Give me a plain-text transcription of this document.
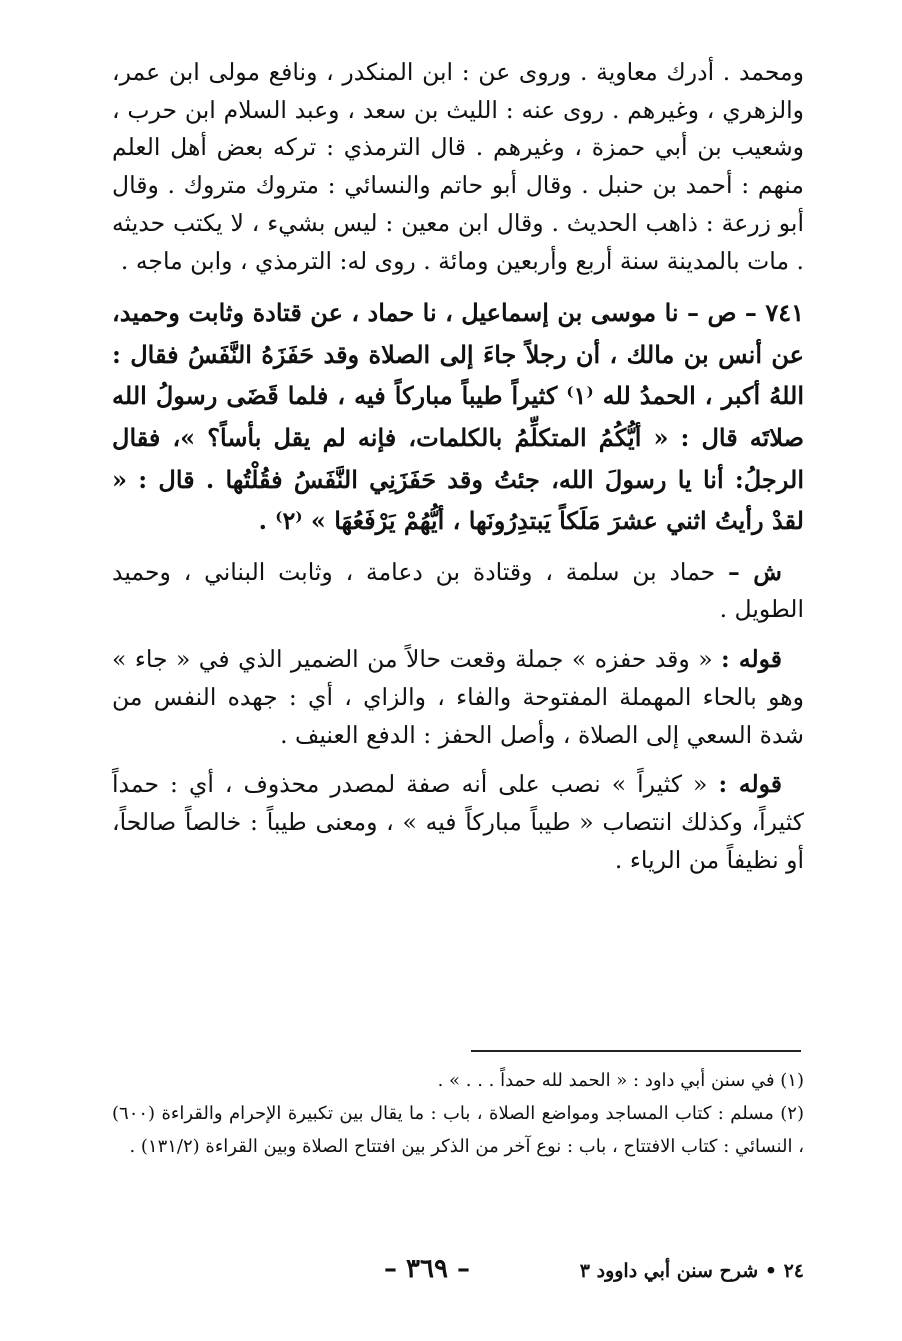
ومحمد . أدرك معاوية . وروى عن : ابن المنكدر ، ونافع مولى ابن عمر، والزهري ، وغيرهم . روى عنه : الليث بن سعد ، وعبد السلام ابن حرب ، وشعيب بن أبي حمزة ، وغيرهم . قال الترمذي : تركه بعض أهل العلم منهم : أحمد بن حنبل . وقال أبو حاتم والنسائي : متروك متروك . وقال أبو زرعة : ذاهب الحديث . وقال ابن معين : ليس بشيء ، لا يكتب حديثه . مات بالمدينة سنة أربع وأربعين ومائة . روى له: الترمذي ، وابن ماجه .

٧٤١ – ص – نا موسى بن إسماعيل ، نا حماد ، عن قتادة وثابت وحميد، عن أنس بن مالك ، أن رجلاً جاءَ إلى الصلاة وقد حَفَزَهُ النَّفَسُ فقال : اللهُ أكبر ، الحمدُ لله ⁽١⁾ كثيراً طيباً مباركاً فيه ، فلما قَضَى رسولُ الله صلاتَه قال : « أيُّكُمُ المتكلِّمُ بالكلمات، فإنه لم يقل بأساً؟ »، فقال الرجلُ: أنا يا رسولَ الله، جئتُ وقد حَفَزَنِي النَّفَسُ فقُلْتُها . قال : « لقدْ رأيتُ اثني عشرَ مَلَكاً يَبتدِرُونَها ، أيُّهُمْ يَرْفَعُهَا » ⁽٢⁾ .

ش – حماد بن سلمة ، وقتادة بن دعامة ، وثابت البناني ، وحميد الطويل .

قوله : « وقد حفزه » جملة وقعت حالاً من الضمير الذي في « جاء » وهو بالحاء المهملة المفتوحة والفاء ، والزاي ، أي : جهده النفس من شدة السعي إلى الصلاة ، وأصل الحفز : الدفع العنيف .

قوله : « كثيراً » نصب على أنه صفة لمصدر محذوف ، أي : حمداً كثيراً، وكذلك انتصاب « طيباً مباركاً فيه » ، ومعنى طيباً : خالصاً صالحاً، أو نظيفاً من الرياء .

(١) في سنن أبي داود : « الحمد لله حمداً . . . » .

(٢) مسلم : كتاب المساجد ومواضع الصلاة ، باب : ما يقال بين تكبيرة الإحرام والقراءة (٦٠٠) ، النسائي : كتاب الافتتاح ، باب : نوع آخر من الذكر بين افتتاح الصلاة وبين القراءة (١٣١/٢) .

٢٤ • شرح سنن أبي داوود ٣
– ٣٦٩ –
